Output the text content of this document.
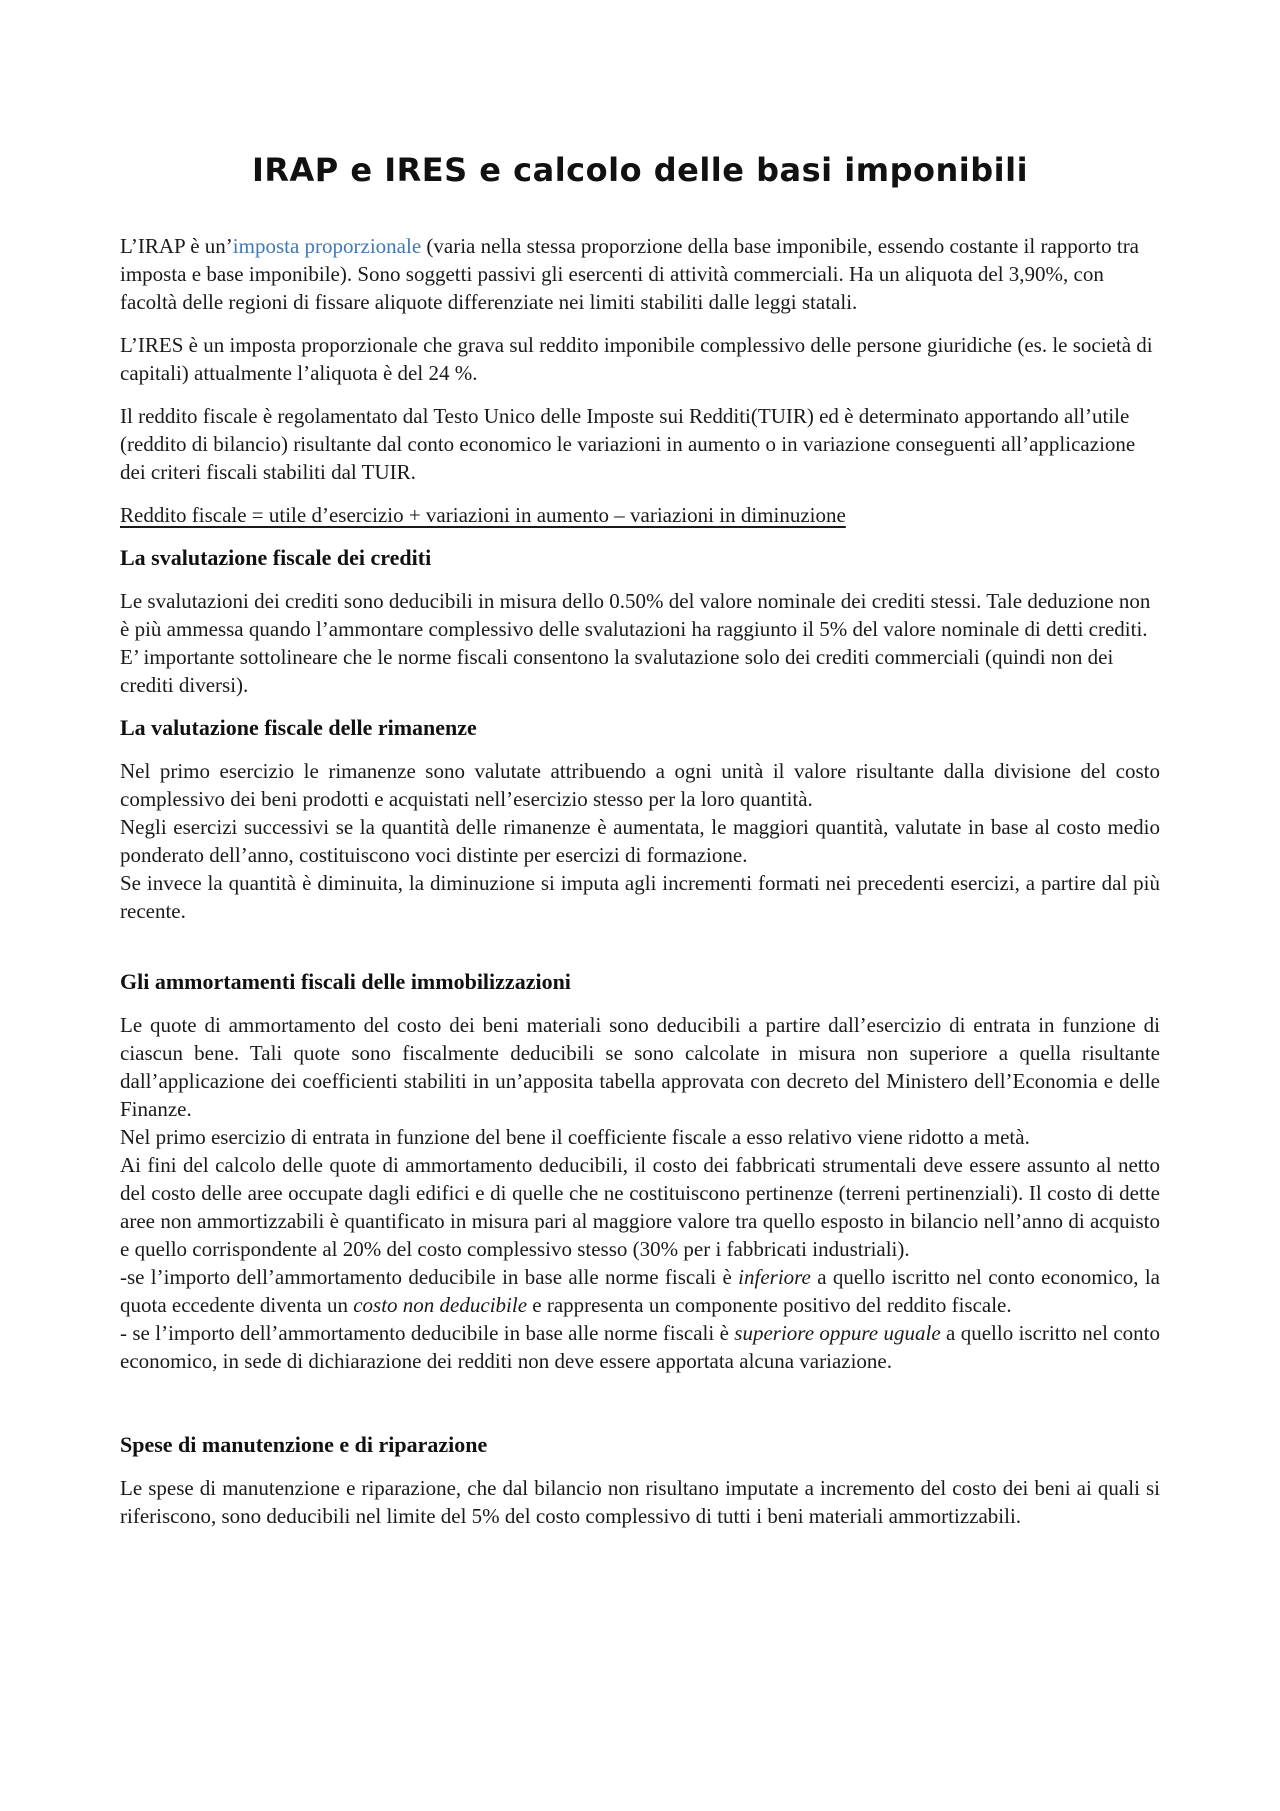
IRAP e IRES e calcolo delle basi imponibili

L’IRAP è un’imposta proporzionale (varia nella stessa proporzione della base imponibile, essendo costante il rapporto tra imposta e base imponibile). Sono soggetti passivi gli esercenti di attività commerciali. Ha un aliquota del 3,90%, con facoltà delle regioni di fissare aliquote differenziate nei limiti stabiliti dalle leggi statali.

L’IRES è un imposta proporzionale che grava sul reddito imponibile complessivo delle persone giuridiche (es. le società di capitali) attualmente l’aliquota è del 24 %.

Il reddito fiscale è regolamentato dal Testo Unico delle Imposte sui Redditi(TUIR) ed è determinato apportando all’utile (reddito di bilancio) risultante dal conto economico le variazioni in aumento o in variazione conseguenti all’applicazione dei criteri fiscali stabiliti dal TUIR.

Reddito fiscale = utile d’esercizio + variazioni in aumento – variazioni in diminuzione

La svalutazione fiscale dei crediti

Le svalutazioni dei crediti sono deducibili in misura dello 0.50% del valore nominale dei crediti stessi. Tale deduzione non è più ammessa quando l’ammontare complessivo delle svalutazioni ha raggiunto il 5% del valore nominale di detti crediti. E’ importante sottolineare che le norme fiscali consentono la svalutazione solo dei crediti commerciali (quindi non dei crediti diversi).

La valutazione fiscale delle rimanenze

Nel primo esercizio le rimanenze sono valutate attribuendo a ogni unità il valore risultante dalla divisione del costo complessivo dei beni prodotti e acquistati nell’esercizio stesso per la loro quantità.

Negli esercizi successivi se la quantità delle rimanenze è aumentata, le maggiori quantità, valutate in base al costo medio ponderato dell’anno, costituiscono voci distinte per esercizi di formazione.

Se invece la quantità è diminuita, la diminuzione si imputa agli incrementi formati nei precedenti esercizi, a partire dal più recente.

Gli ammortamenti fiscali delle immobilizzazioni

Le quote di ammortamento del costo dei beni materiali sono deducibili a partire dall’esercizio di entrata in funzione di ciascun bene. Tali quote sono fiscalmente deducibili se sono calcolate in misura non superiore a quella risultante dall’applicazione dei coefficienti stabiliti in un’apposita tabella approvata con decreto del Ministero dell’Economia e delle Finanze.

Nel primo esercizio di entrata in funzione del bene il coefficiente fiscale a esso relativo viene ridotto a metà.

Ai fini del calcolo delle quote di ammortamento deducibili, il costo dei fabbricati strumentali deve essere assunto al netto del costo delle aree occupate dagli edifici e di quelle che ne costituiscono pertinenze (terreni pertinenziali). Il costo di dette aree non ammortizzabili è quantificato in misura pari al maggiore valore tra quello esposto in bilancio nell’anno di acquisto e quello corrispondente al 20% del costo complessivo stesso (30% per i fabbricati industriali).

-se l’importo dell’ammortamento deducibile in base alle norme fiscali è inferiore a quello iscritto nel conto economico, la quota eccedente diventa un costo non deducibile e rappresenta un componente positivo del reddito fiscale.

- se l’importo dell’ammortamento deducibile in base alle norme fiscali è superiore oppure uguale a quello iscritto nel conto economico, in sede di dichiarazione dei redditi non deve essere apportata alcuna variazione.

Spese di manutenzione e di riparazione

Le spese di manutenzione e riparazione, che dal bilancio non risultano imputate a incremento del costo dei beni ai quali si riferiscono, sono deducibili nel limite del 5% del costo complessivo di tutti i beni materiali ammortizzabili.
